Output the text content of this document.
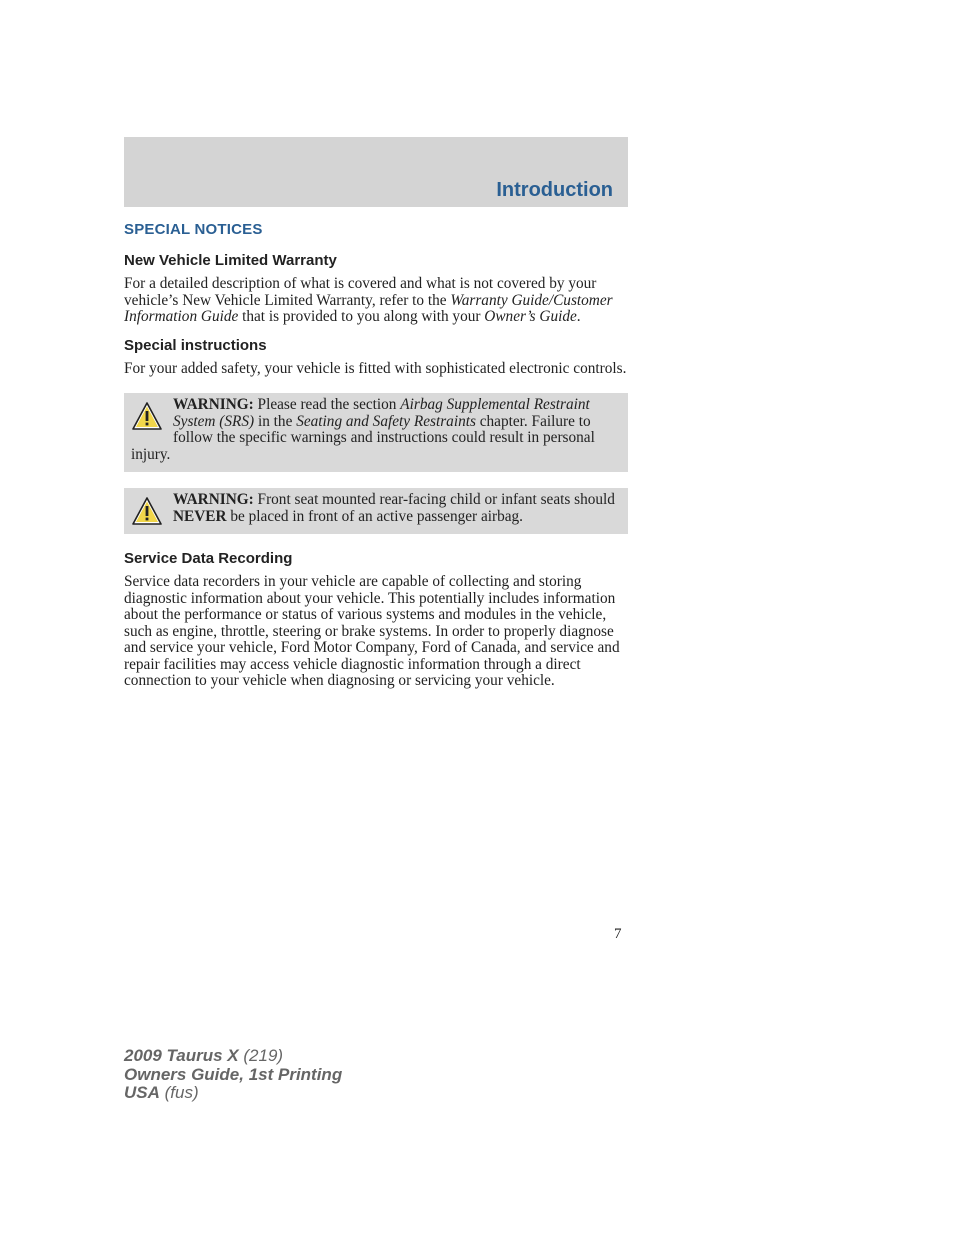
Introduction
SPECIAL NOTICES
New Vehicle Limited Warranty

For a detailed description of what is covered and what is not covered by your vehicle’s New Vehicle Limited Warranty, refer to the Warranty Guide/Customer Information Guide that is provided to you along with your Owner’s Guide.

Special instructions

For your added safety, your vehicle is fitted with sophisticated electronic controls.

WARNING: Please read the section Airbag Supplemental Restraint System (SRS) in the Seating and Safety Restraints chapter. Failure to follow the specific warnings and instructions could result in personal injury.

WARNING: Front seat mounted rear-facing child or infant seats should NEVER be placed in front of an active passenger airbag.

Service Data Recording

Service data recorders in your vehicle are capable of collecting and storing diagnostic information about your vehicle. This potentially includes information about the performance or status of various systems and modules in the vehicle, such as engine, throttle, steering or brake systems. In order to properly diagnose and service your vehicle, Ford Motor Company, Ford of Canada, and service and repair facilities may access vehicle diagnostic information through a direct connection to your vehicle when diagnosing or servicing your vehicle.

7
2009 Taurus X (219)
Owners Guide, 1st Printing
USA (fus)
